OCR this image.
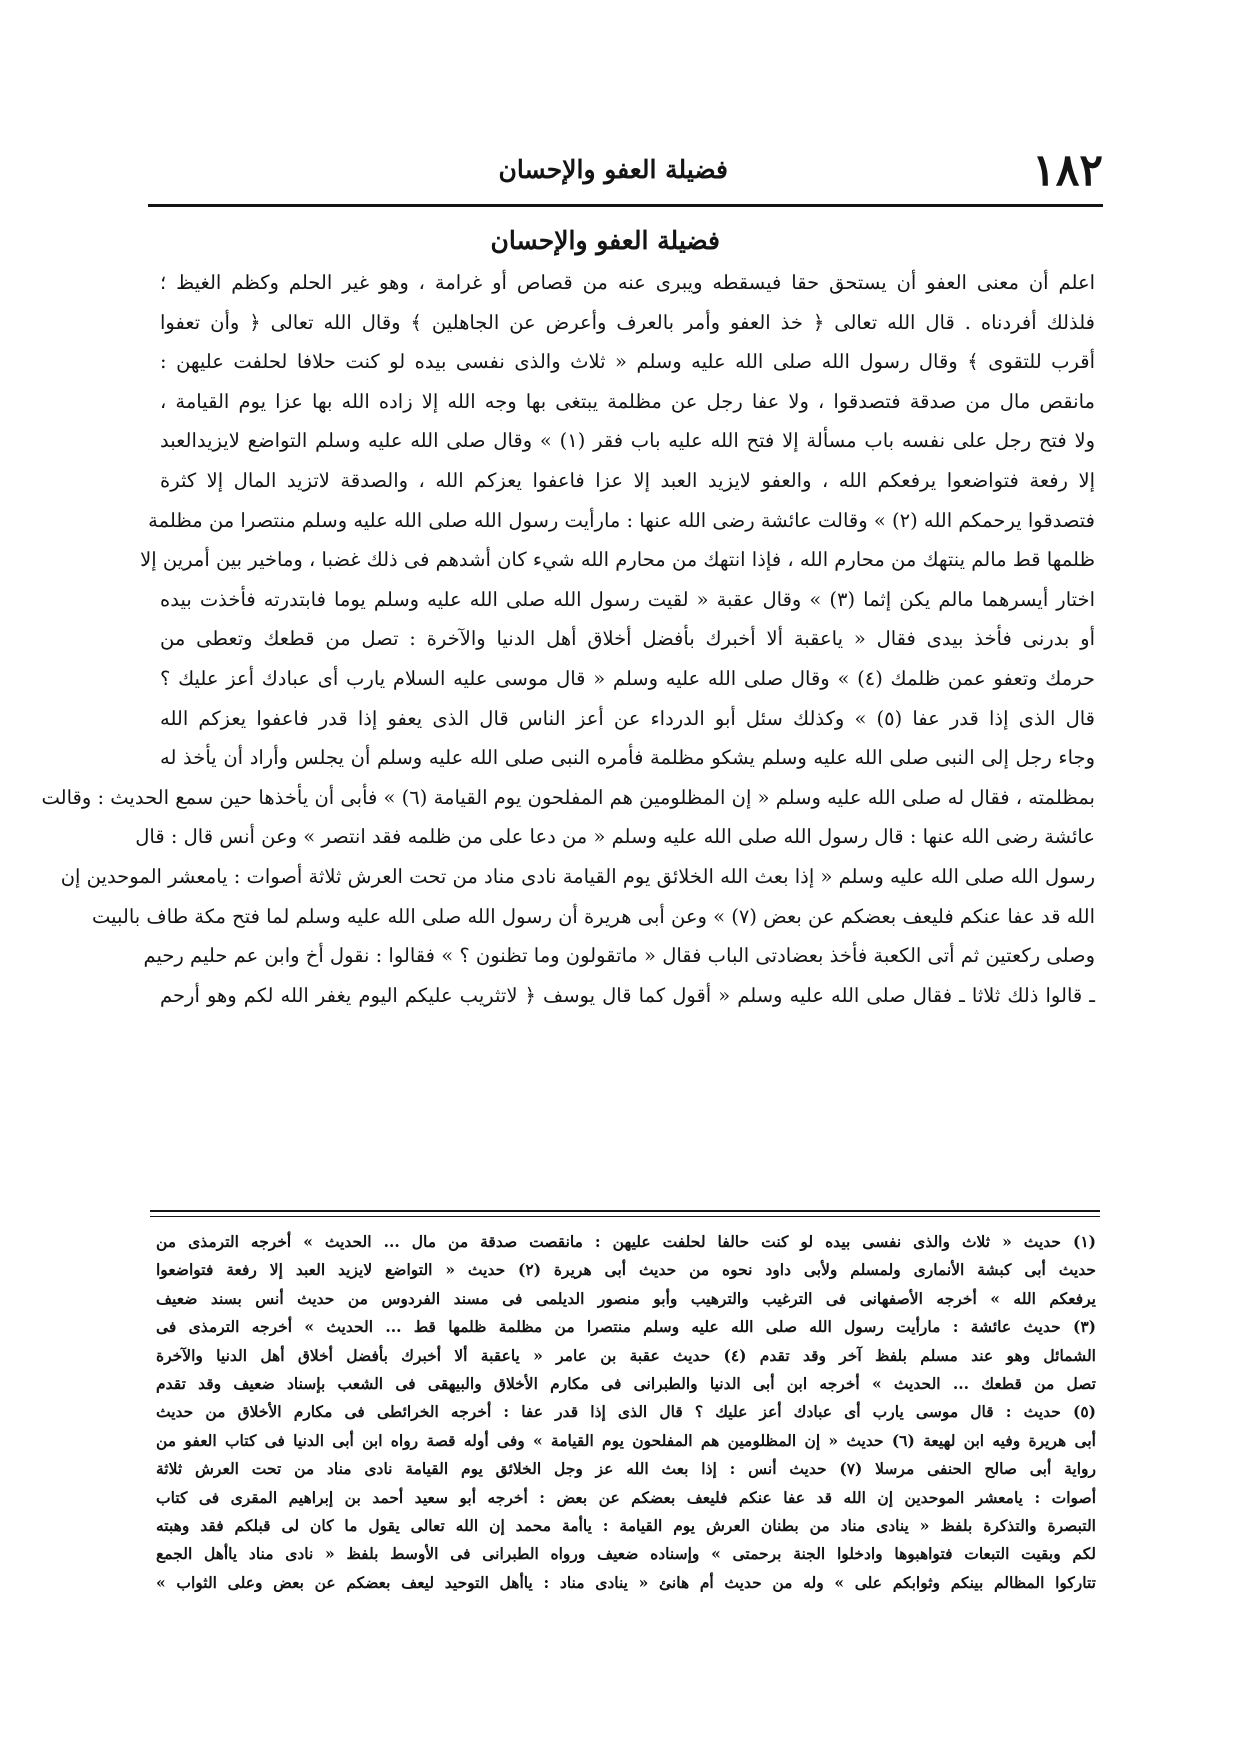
١٨٢
فضيلة العفو والإحسان
فضيلة العفو والإحسان
اعلم أن معنى العفو أن يستحق حقا فيسقطه ويبرى عنه من قصاص أو غرامة ، وهو غير الحلم وكظم الغيظ ؛
فلذلك أفردناه . قال الله تعالى ﴿ خذ العفو وأمر بالعرف وأعرض عن الجاهلين ﴾ وقال الله تعالى ﴿ وأن تعفوا
أقرب للتقوى ﴾ وقال رسول الله صلى الله عليه وسلم « ثلاث والذى نفسى بيده لو كنت حلافا لحلفت عليهن :
مانقص مال من صدقة فتصدقوا ، ولا عفا رجل عن مظلمة يبتغى بها وجه الله إلا زاده الله بها عزا يوم القيامة ،
ولا فتح رجل على نفسه باب مسألة إلا فتح الله عليه باب فقر (١) » وقال صلى الله عليه وسلم التواضع لايزيدالعبد
إلا رفعة فتواضعوا يرفعكم الله ، والعفو لايزيد العبد إلا عزا فاعفوا يعزكم الله ، والصدقة لاتزيد المال إلا كثرة
فتصدقوا يرحمكم الله (٢) » وقالت عائشة رضى الله عنها : مارأيت رسول الله صلى الله عليه وسلم منتصرا من مظلمة
ظلمها قط مالم ينتهك من محارم الله ، فإذا انتهك من محارم الله شيء كان أشدهم فى ذلك غضبا ، وماخير بين أمرين إلا
اختار أيسرهما مالم يكن إثما (٣) » وقال عقبة « لقيت رسول الله صلى الله عليه وسلم يوما فابتدرته فأخذت بيده
أو بدرنى فأخذ بيدى فقال « ياعقبة ألا أخبرك بأفضل أخلاق أهل الدنيا والآخرة : تصل من قطعك وتعطى من
حرمك وتعفو عمن ظلمك (٤) » وقال صلى الله عليه وسلم « قال موسى عليه السلام يارب أى عبادك أعز عليك ؟
قال الذى إذا قدر عفا (٥) » وكذلك سئل أبو الدرداء عن أعز الناس قال الذى يعفو إذا قدر فاعفوا يعزكم الله
وجاء رجل إلى النبى صلى الله عليه وسلم يشكو مظلمة فأمره النبى صلى الله عليه وسلم أن يجلس وأراد أن يأخذ له
بمظلمته ، فقال له صلى الله عليه وسلم « إن المظلومين هم المفلحون يوم القيامة (٦) » فأبى أن يأخذها حين سمع الحديث : وقالت
عائشة رضى الله عنها : قال رسول الله صلى الله عليه وسلم « من دعا على من ظلمه فقد انتصر » وعن أنس قال : قال
رسول الله صلى الله عليه وسلم « إذا بعث الله الخلائق يوم القيامة نادى مناد من تحت العرش ثلاثة أصوات : يامعشر الموحدين إن
الله قد عفا عنكم فليعف بعضكم عن بعض (٧) » وعن أبى هريرة أن رسول الله صلى الله عليه وسلم لما فتح مكة طاف بالبيت
وصلى ركعتين ثم أتى الكعبة فأخذ بعضادتى الباب فقال « ماتقولون وما تظنون ؟ » فقالوا : نقول أخ وابن عم حليم رحيم
ـ قالوا ذلك ثلاثا ـ فقال صلى الله عليه وسلم « أقول كما قال يوسف ﴿ لاتثريب عليكم اليوم يغفر الله لكم وهو أرحم
(١) حديث « ثلاث والذى نفسى بيده لو كنت حالفا لحلفت عليهن : مانقصت صدقة من مال ... الحديث » أخرجه الترمذى من
حديث أبى كبشة الأنمارى ولمسلم ولأبى داود نحوه من حديث أبى هريرة (٢) حديث « التواضع لايزيد العبد إلا رفعة فتواضعوا
يرفعكم الله » أخرجه الأصفهانى فى الترغيب والترهيب وأبو منصور الديلمى فى مسند الفردوس من حديث أنس بسند ضعيف
(٣) حديث عائشة : مارأيت رسول الله صلى الله عليه وسلم منتصرا من مظلمة ظلمها قط ... الحديث » أخرجه الترمذى فى
الشمائل وهو عند مسلم بلفظ آخر وقد تقدم (٤) حديث عقبة بن عامر « ياعقبة ألا أخبرك بأفضل أخلاق أهل الدنيا والآخرة
تصل من قطعك ... الحديث » أخرجه ابن أبى الدنيا والطبرانى فى مكارم الأخلاق والبيهقى فى الشعب بإسناد ضعيف وقد تقدم
(٥) حديث : قال موسى يارب أى عبادك أعز عليك ؟ قال الذى إذا قدر عفا : أخرجه الخرائطى فى مكارم الأخلاق من حديث
أبى هريرة وفيه ابن لهيعة (٦) حديث « إن المظلومين هم المفلحون يوم القيامة » وفى أوله قصة رواه ابن أبى الدنيا فى كتاب العفو من
رواية أبى صالح الحنفى مرسلا (٧) حديث أنس : إذا بعث الله عز وجل الخلائق يوم القيامة نادى مناد من تحت العرش ثلاثة
أصوات : يامعشر الموحدين إن الله قد عفا عنكم فليعف بعضكم عن بعض : أخرجه أبو سعيد أحمد بن إبراهيم المقرى فى كتاب
التبصرة والتذكرة بلفظ « ينادى مناد من بطنان العرش يوم القيامة : ياأمة محمد إن الله تعالى يقول ما كان لى قبلكم فقد وهبته
لكم وبقيت التبعات فتواهبوها وادخلوا الجنة برحمتى » وإسناده ضعيف ورواه الطبرانى فى الأوسط بلفظ « نادى مناد ياأهل الجمع
تتاركوا المظالم بينكم وثوابكم على » وله من حديث أم هانئ « ينادى مناد : ياأهل التوحيد ليعف بعضكم عن بعض وعلى الثواب »
